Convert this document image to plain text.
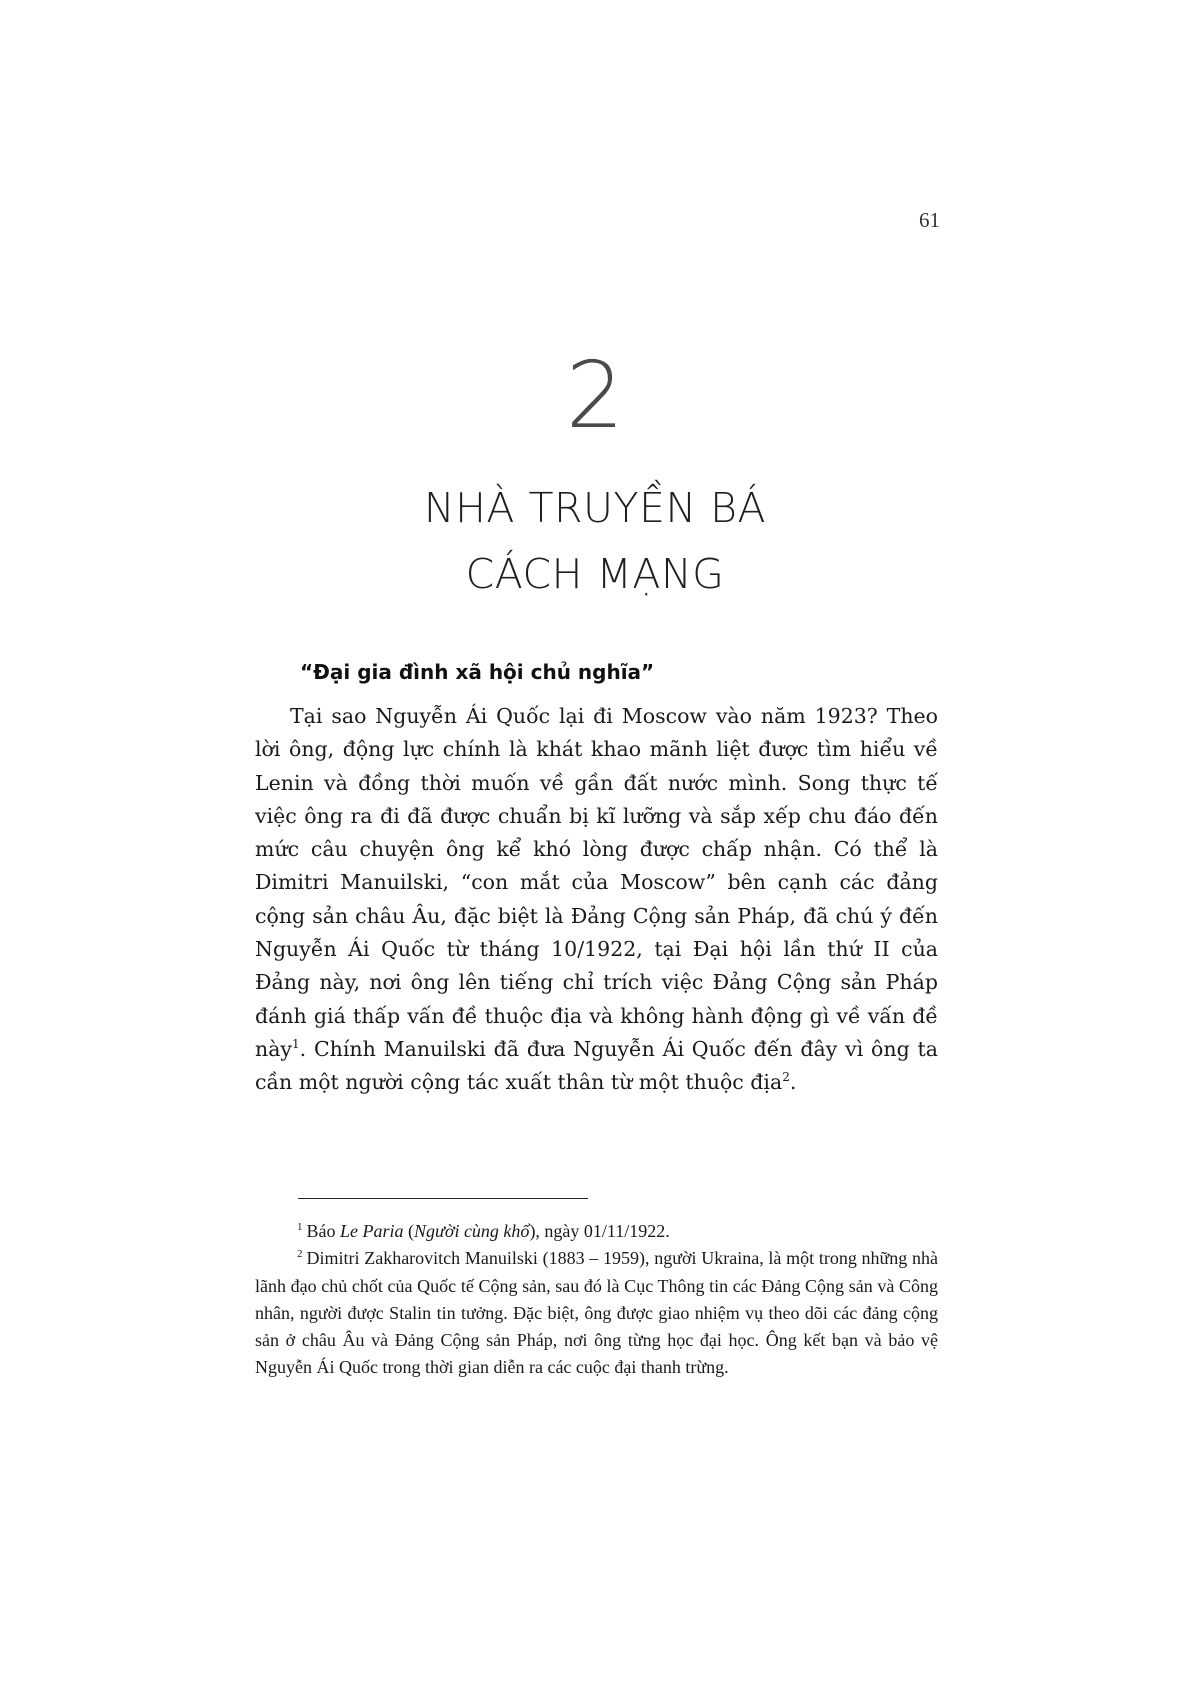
61
2
NHÀ TRUYỀN BÁ
CÁCH MẠNG
“Đại gia đình xã hội chủ nghĩa”

Tại sao Nguyễn Ái Quốc lại đi Moscow vào năm 1923? Theo lời ông, động lực chính là khát khao mãnh liệt được tìm hiểu về Lenin và đồng thời muốn về gần đất nước mình. Song thực tế việc ông ra đi đã được chuẩn bị kĩ lưỡng và sắp xếp chu đáo đến mức câu chuyện ông kể khó lòng được chấp nhận. Có thể là Dimitri Manuilski, “con mắt của Moscow” bên cạnh các đảng cộng sản châu Âu, đặc biệt là Đảng Cộng sản Pháp, đã chú ý đến Nguyễn Ái Quốc từ tháng 10/1922, tại Đại hội lần thứ II của Đảng này, nơi ông lên tiếng chỉ trích việc Đảng Cộng sản Pháp đánh giá thấp vấn đề thuộc địa và không hành động gì về vấn đề này$^1$. Chính Manuilski đã đưa Nguyễn Ái Quốc đến đây vì ông ta cần một người cộng tác xuất thân từ một thuộc địa$^2$.

$^1$ Báo Le Paria (Người cùng khổ), ngày 01/11/1922.

$^2$ Dimitri Zakharovitch Manuilski (1883 – 1959), người Ukraina, là một trong những nhà lãnh đạo chủ chốt của Quốc tế Cộng sản, sau đó là Cục Thông tin các Đảng Cộng sản và Công nhân, người được Stalin tin tưởng. Đặc biệt, ông được giao nhiệm vụ theo dõi các đảng cộng sản ở châu Âu và Đảng Cộng sản Pháp, nơi ông từng học đại học. Ông kết bạn và bảo vệ Nguyễn Ái Quốc trong thời gian diễn ra các cuộc đại thanh trừng.
